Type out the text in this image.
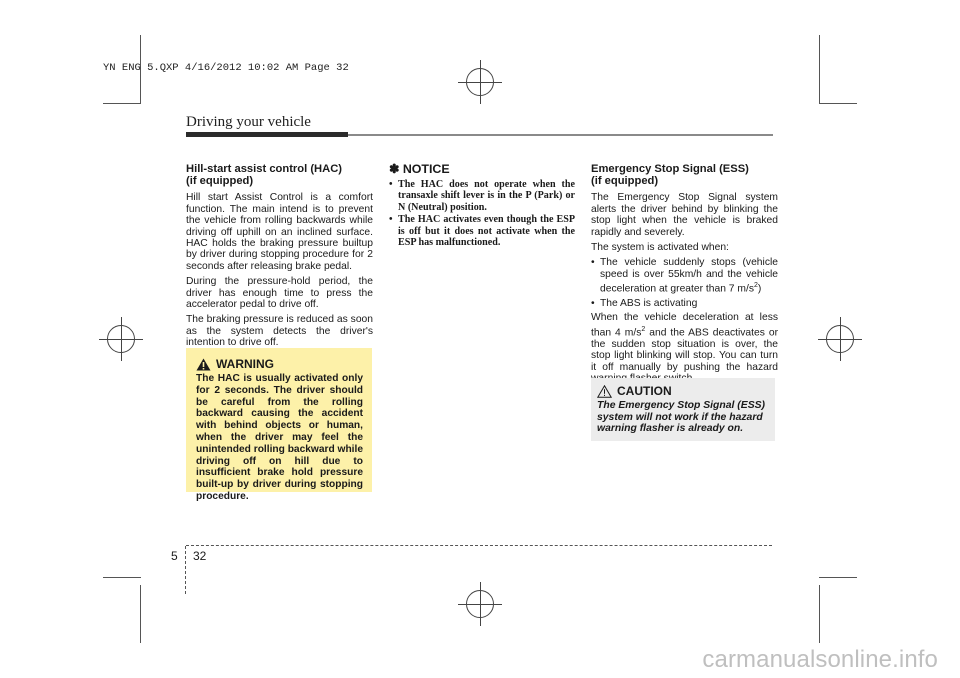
YN ENG 5.QXP 4/16/2012 10:02 AM Page 32
Driving your vehicle
Hill-start assist control (HAC)
(if equipped)

Hill start Assist Control is a comfort function. The main intend is to prevent the vehicle from rolling backwards while driving off uphill on an inclined surface. HAC holds the braking pressure builtup by driver during stopping procedure for 2 seconds after releasing brake pedal.

During the pressure-hold period, the driver has enough time to press the accelerator pedal to drive off.

The braking pressure is reduced as soon as the system detects the driver's intention to drive off.

WARNING
The HAC is usually activated only for 2 seconds. The driver should be careful from the rolling backward causing the accident with behind objects or human, when the driver may feel the unintended rolling backward while driving off on hill due to insufficient brake hold pressure built-up by driver during stopping procedure.
✽ NOTICE
• The HAC does not operate when the transaxle shift lever is in the P (Park) or N (Neutral) position.
• The HAC activates even though the ESP is off but it does not activate when the ESP has malfunctioned.
Emergency Stop Signal (ESS)
(if equipped)

The Emergency Stop Signal system alerts the driver behind by blinking the stop light when the vehicle is braked rapidly and severely.

The system is activated when:

• The vehicle suddenly stops (vehicle speed is over 55km/h and the vehicle deceleration at greater than 7 $m/s^2$)
• The ABS is activating

When the vehicle deceleration at less than 4 $m/s^2$ and the ABS deactivates or the sudden stop situation is over, the stop light blinking will stop. You can turn it off manually by pushing the hazard

CAUTION
The Emergency Stop Signal (ESS) system will not work if the hazard warning flasher is already on.
5 32
carmanualsonline.info
